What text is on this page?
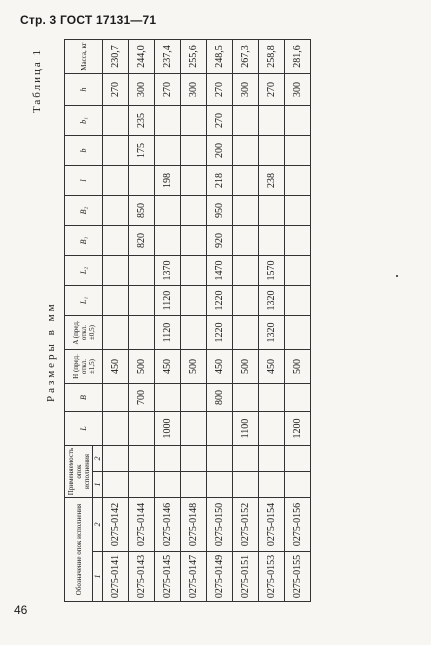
Стр. 3 ГОСТ 17131—71
46
Таблица 1
Размеры в мм
Обозначение опок исполнения		Применяемость опок исполнения		L	B	H (пред. откл. ±1,5)	A (пред. откл. ±0,5)	L₁	L₂	B₁	B₂	l	b	b₁	h	Масса, кг
1	2	1	2													
0275-0141	0275-0142					450									270	230,7
0275-0143	0275-0144				700	500				820	850		175	235	300	244,0
0275-0145	0275-0146			1000		450	1120	1120	1370			198			270	237,4
0275-0147	0275-0148					500									300	255,6
0275-0149	0275-0150				800	450	1220	1220	1470	920	950	218	200	270	270	248,5
0275-0151	0275-0152			1100		500									300	267,3
0275-0153	0275-0154					450	1320	1320	1570			238			270	258,8
0275-0155	0275-0156			1200		500									300	281,6
